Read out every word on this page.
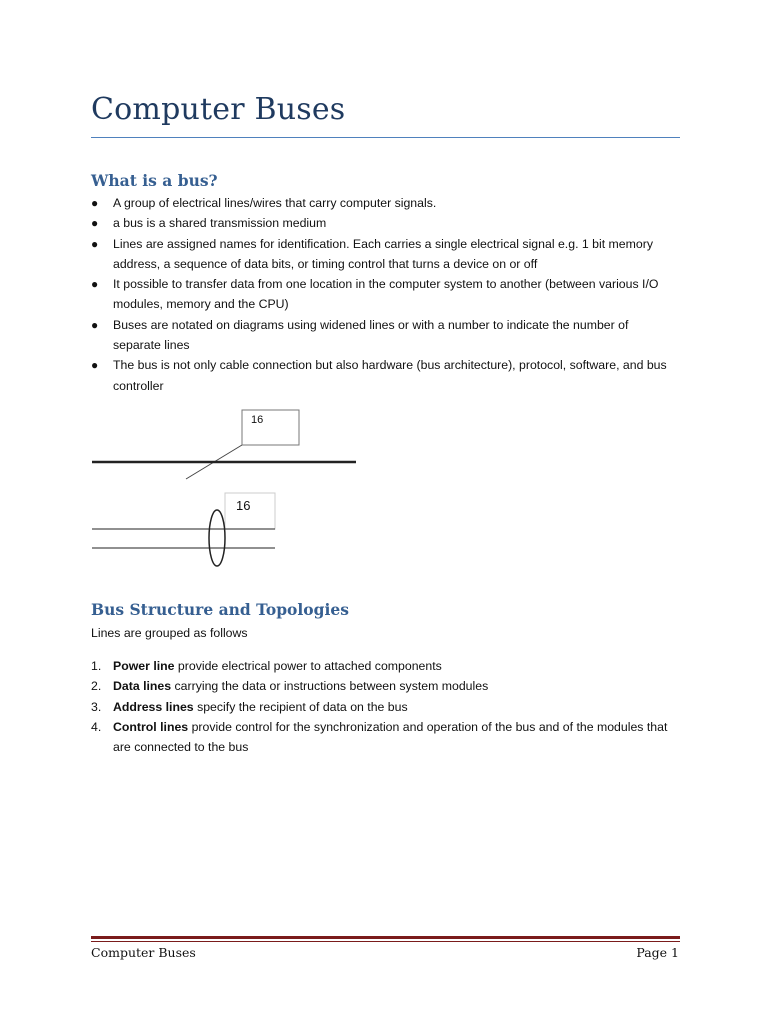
Computer Buses
What is a bus?
● A group of electrical lines/wires that carry computer signals.
● a bus is a shared transmission medium
● Lines are assigned names for identification. Each carries a single electrical signal e.g. 1 bit memory address, a sequence of data bits, or timing control that turns a device on or off
● It possible to transfer data from one location in the computer system to another (between various I/O modules, memory and the CPU)
● Buses are notated on diagrams using widened lines or with a number to indicate the number of separate lines
● The bus is not only cable connection but also hardware (bus architecture), protocol, software, and bus controller
16
16
Bus Structure and Topologies
Lines are grouped as follows
1. Power line provide electrical power to attached components
2. Data lines carrying the data or instructions between system modules
3. Address lines specify the recipient of data on the bus
4. Control lines provide control for the synchronization and operation of the bus and of the modules that are connected to the bus
Computer Buses	Page 1
